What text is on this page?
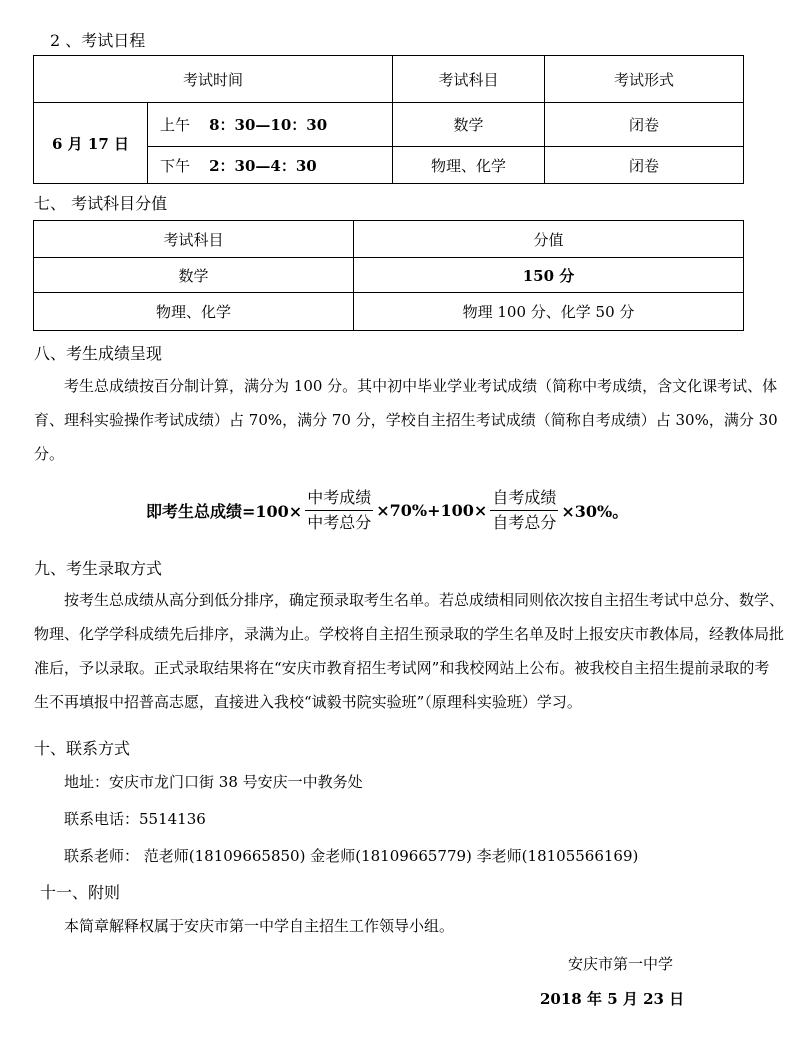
2 、考试日程
考试时间		考试科目	考试形式
6 月 17 日	上午 8：30—10：30	数学	闭卷
	下午 2：30—4：30	物理、化学	闭卷
七、 考试科目分值
考试科目	分值
数学	150 分
物理、化学	物理 100 分、化学 50 分
八、考生成绩呈现
考生总成绩按百分制计算，满分为 100 分。其中初中毕业学业考试成绩（简称中考成绩，含文化课考试、体育、理科实验操作考试成绩）占 70%，满分 70 分，学校自主招生考试成绩（简称自考成绩）占 30%，满分 30 分。
即考生总成绩$=100\times \frac{\text{中考成绩}}{\text{中考总分}} \times 70\%+100\times \frac{\text{自考成绩}}{\text{自考总分}} \times 30\%$。
九、考生录取方式
按考生总成绩从高分到低分排序，确定预录取考生名单。若总成绩相同则依次按自主招生考试中总分、数学、物理、化学学科成绩先后排序，录满为止。学校将自主招生预录取的学生名单及时上报安庆市教体局，经教体局批准后，予以录取。正式录取结果将在“安庆市教育招生考试网”和我校网站上公布。被我校自主招生提前录取的考生不再填报中招普高志愿，直接进入我校“诚毅书院实验班”（原理科实验班）学习。
十、联系方式
地址：安庆市龙门口街 38 号安庆一中教务处
联系电话：5514136
联系老师： 范老师(18109665850) 金老师(18109665779) 李老师(18105566169)
十一、附则
本简章解释权属于安庆市第一中学自主招生工作领导小组。
安庆市第一中学
2018 年 5 月 23 日
